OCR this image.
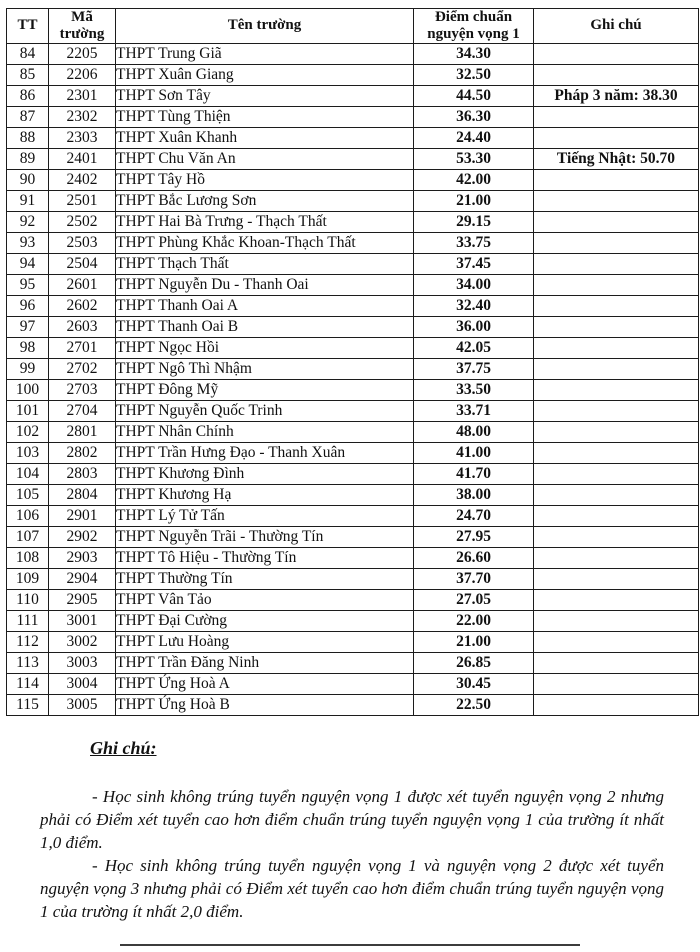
TT	Mã trường	Tên trường	Điểm chuẩn nguyện vọng 1	Ghi chú
84	2205	THPT Trung Giã	34.30	
85	2206	THPT Xuân Giang	32.50	
86	2301	THPT Sơn Tây	44.50	Pháp 3 năm: 38.30
87	2302	THPT Tùng Thiện	36.30	
88	2303	THPT Xuân Khanh	24.40	
89	2401	THPT Chu Văn An	53.30	Tiếng Nhật: 50.70
90	2402	THPT Tây Hồ	42.00	
91	2501	THPT Bắc Lương Sơn	21.00	
92	2502	THPT Hai Bà Trưng - Thạch Thất	29.15	
93	2503	THPT Phùng Khắc Khoan-Thạch Thất	33.75	
94	2504	THPT Thạch Thất	37.45	
95	2601	THPT Nguyễn Du - Thanh Oai	34.00	
96	2602	THPT Thanh Oai A	32.40	
97	2603	THPT Thanh Oai B	36.00	
98	2701	THPT Ngọc Hồi	42.05	
99	2702	THPT Ngô Thì Nhậm	37.75	
100	2703	THPT Đông Mỹ	33.50	
101	2704	THPT Nguyễn Quốc Trinh	33.71	
102	2801	THPT Nhân Chính	48.00	
103	2802	THPT Trần Hưng Đạo - Thanh Xuân	41.00	
104	2803	THPT Khương Đình	41.70	
105	2804	THPT Khương Hạ	38.00	
106	2901	THPT Lý Tử Tấn	24.70	
107	2902	THPT Nguyễn Trãi - Thường Tín	27.95	
108	2903	THPT Tô Hiệu - Thường Tín	26.60	
109	2904	THPT Thường Tín	37.70	
110	2905	THPT Vân Tảo	27.05	
111	3001	THPT Đại Cường	22.00	
112	3002	THPT Lưu Hoàng	21.00	
113	3003	THPT Trần Đăng Ninh	26.85	
114	3004	THPT Ứng Hoà A	30.45	
115	3005	THPT Ứng Hoà B	22.50	
Ghi chú:

- Học sinh không trúng tuyển nguyện vọng 1 được xét tuyển nguyện vọng 2 nhưng phải có Điểm xét tuyển cao hơn điểm chuẩn trúng tuyển nguyện vọng 1 của trường ít nhất 1,0 điểm.

- Học sinh không trúng tuyển nguyện vọng 1 và nguyện vọng 2 được xét tuyển nguyện vọng 3 nhưng phải có Điểm xét tuyển cao hơn điểm chuẩn trúng tuyển nguyện vọng 1 của trường ít nhất 2,0 điểm.
